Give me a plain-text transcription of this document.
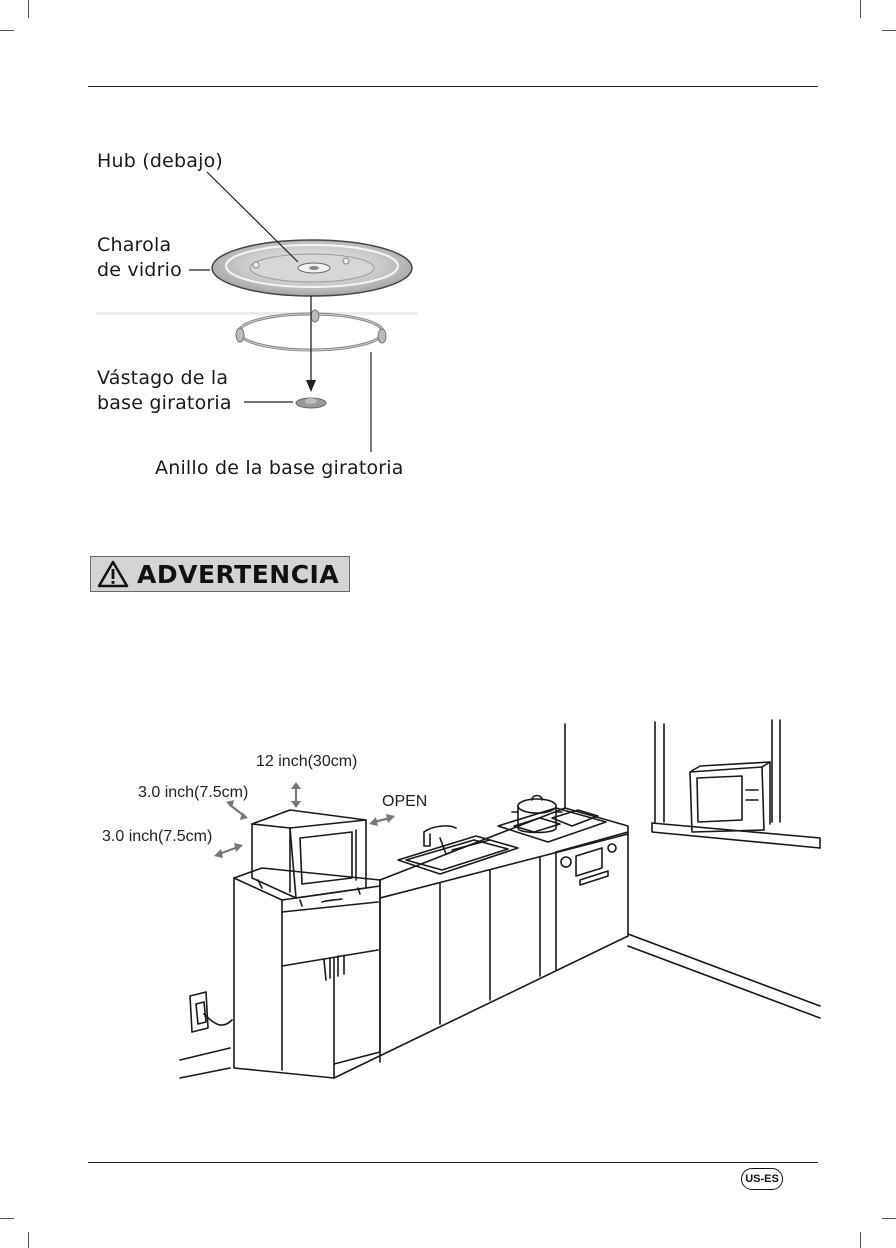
Hub (debajo)
Charola
de vidrio
Vástago de la
base giratoria
Anillo de la base giratoria
ADVERTENCIA
12 inch(30cm)
3.0 inch(7.5cm)
3.0 inch(7.5cm)
OPEN
US-ES
